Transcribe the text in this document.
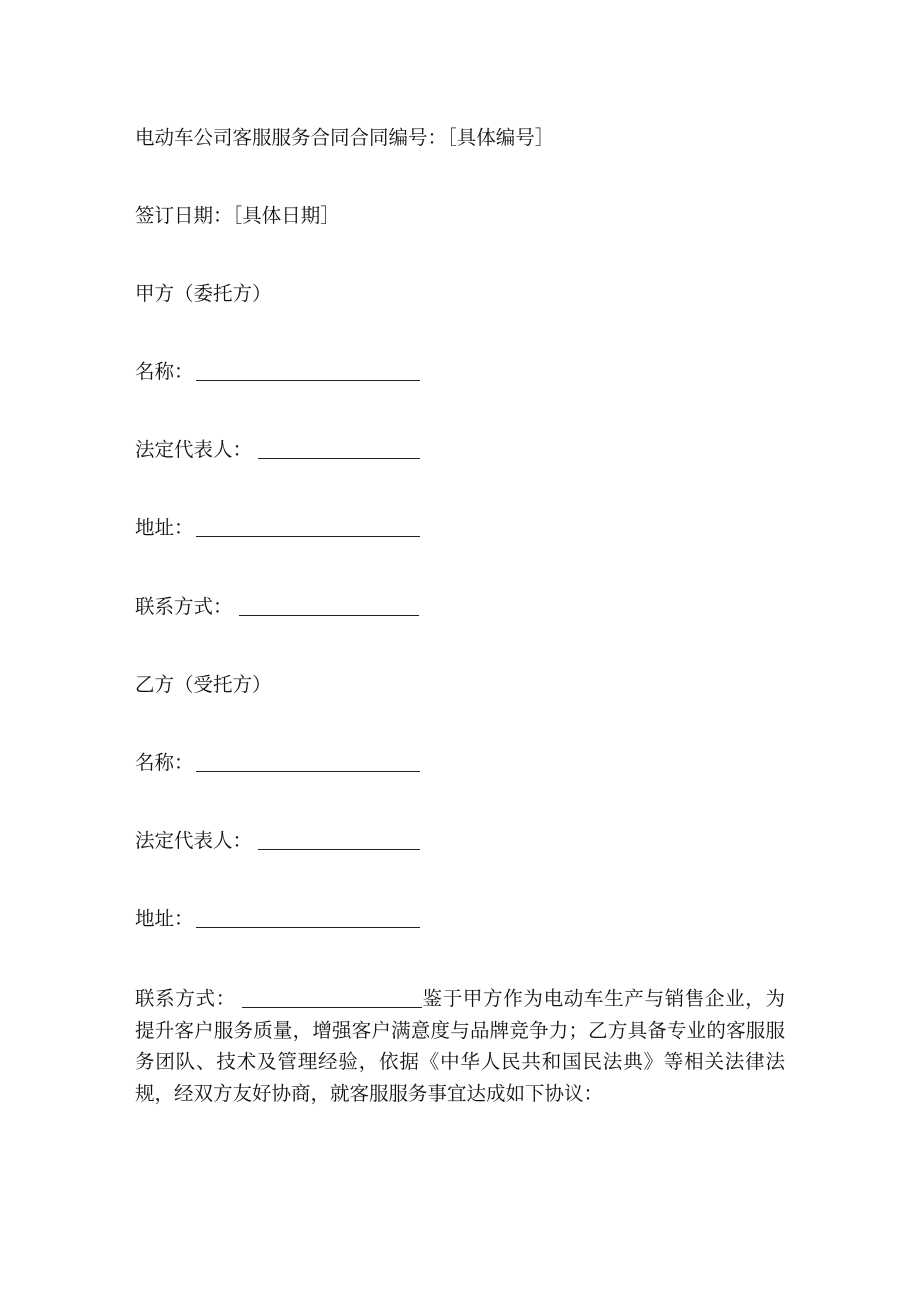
电动车公司客服服务合同合同编号：［具体编号］
签订日期：［具体日期］
甲方（委托方）
名称：
法定代表人：
地址：
联系方式：
乙方（受托方）
名称：
法定代表人：
地址：
联系方式：	鉴于甲方作为电动车生产与销售企业，为提升客户服务质量，增强客户满意度与品牌竞争力；乙方具备专业的客服服务团队、技术及管理经验，依据《中华人民共和国民法典》等相关法律法规，经双方友好协商，就客服服务事宜达成如下协议：
